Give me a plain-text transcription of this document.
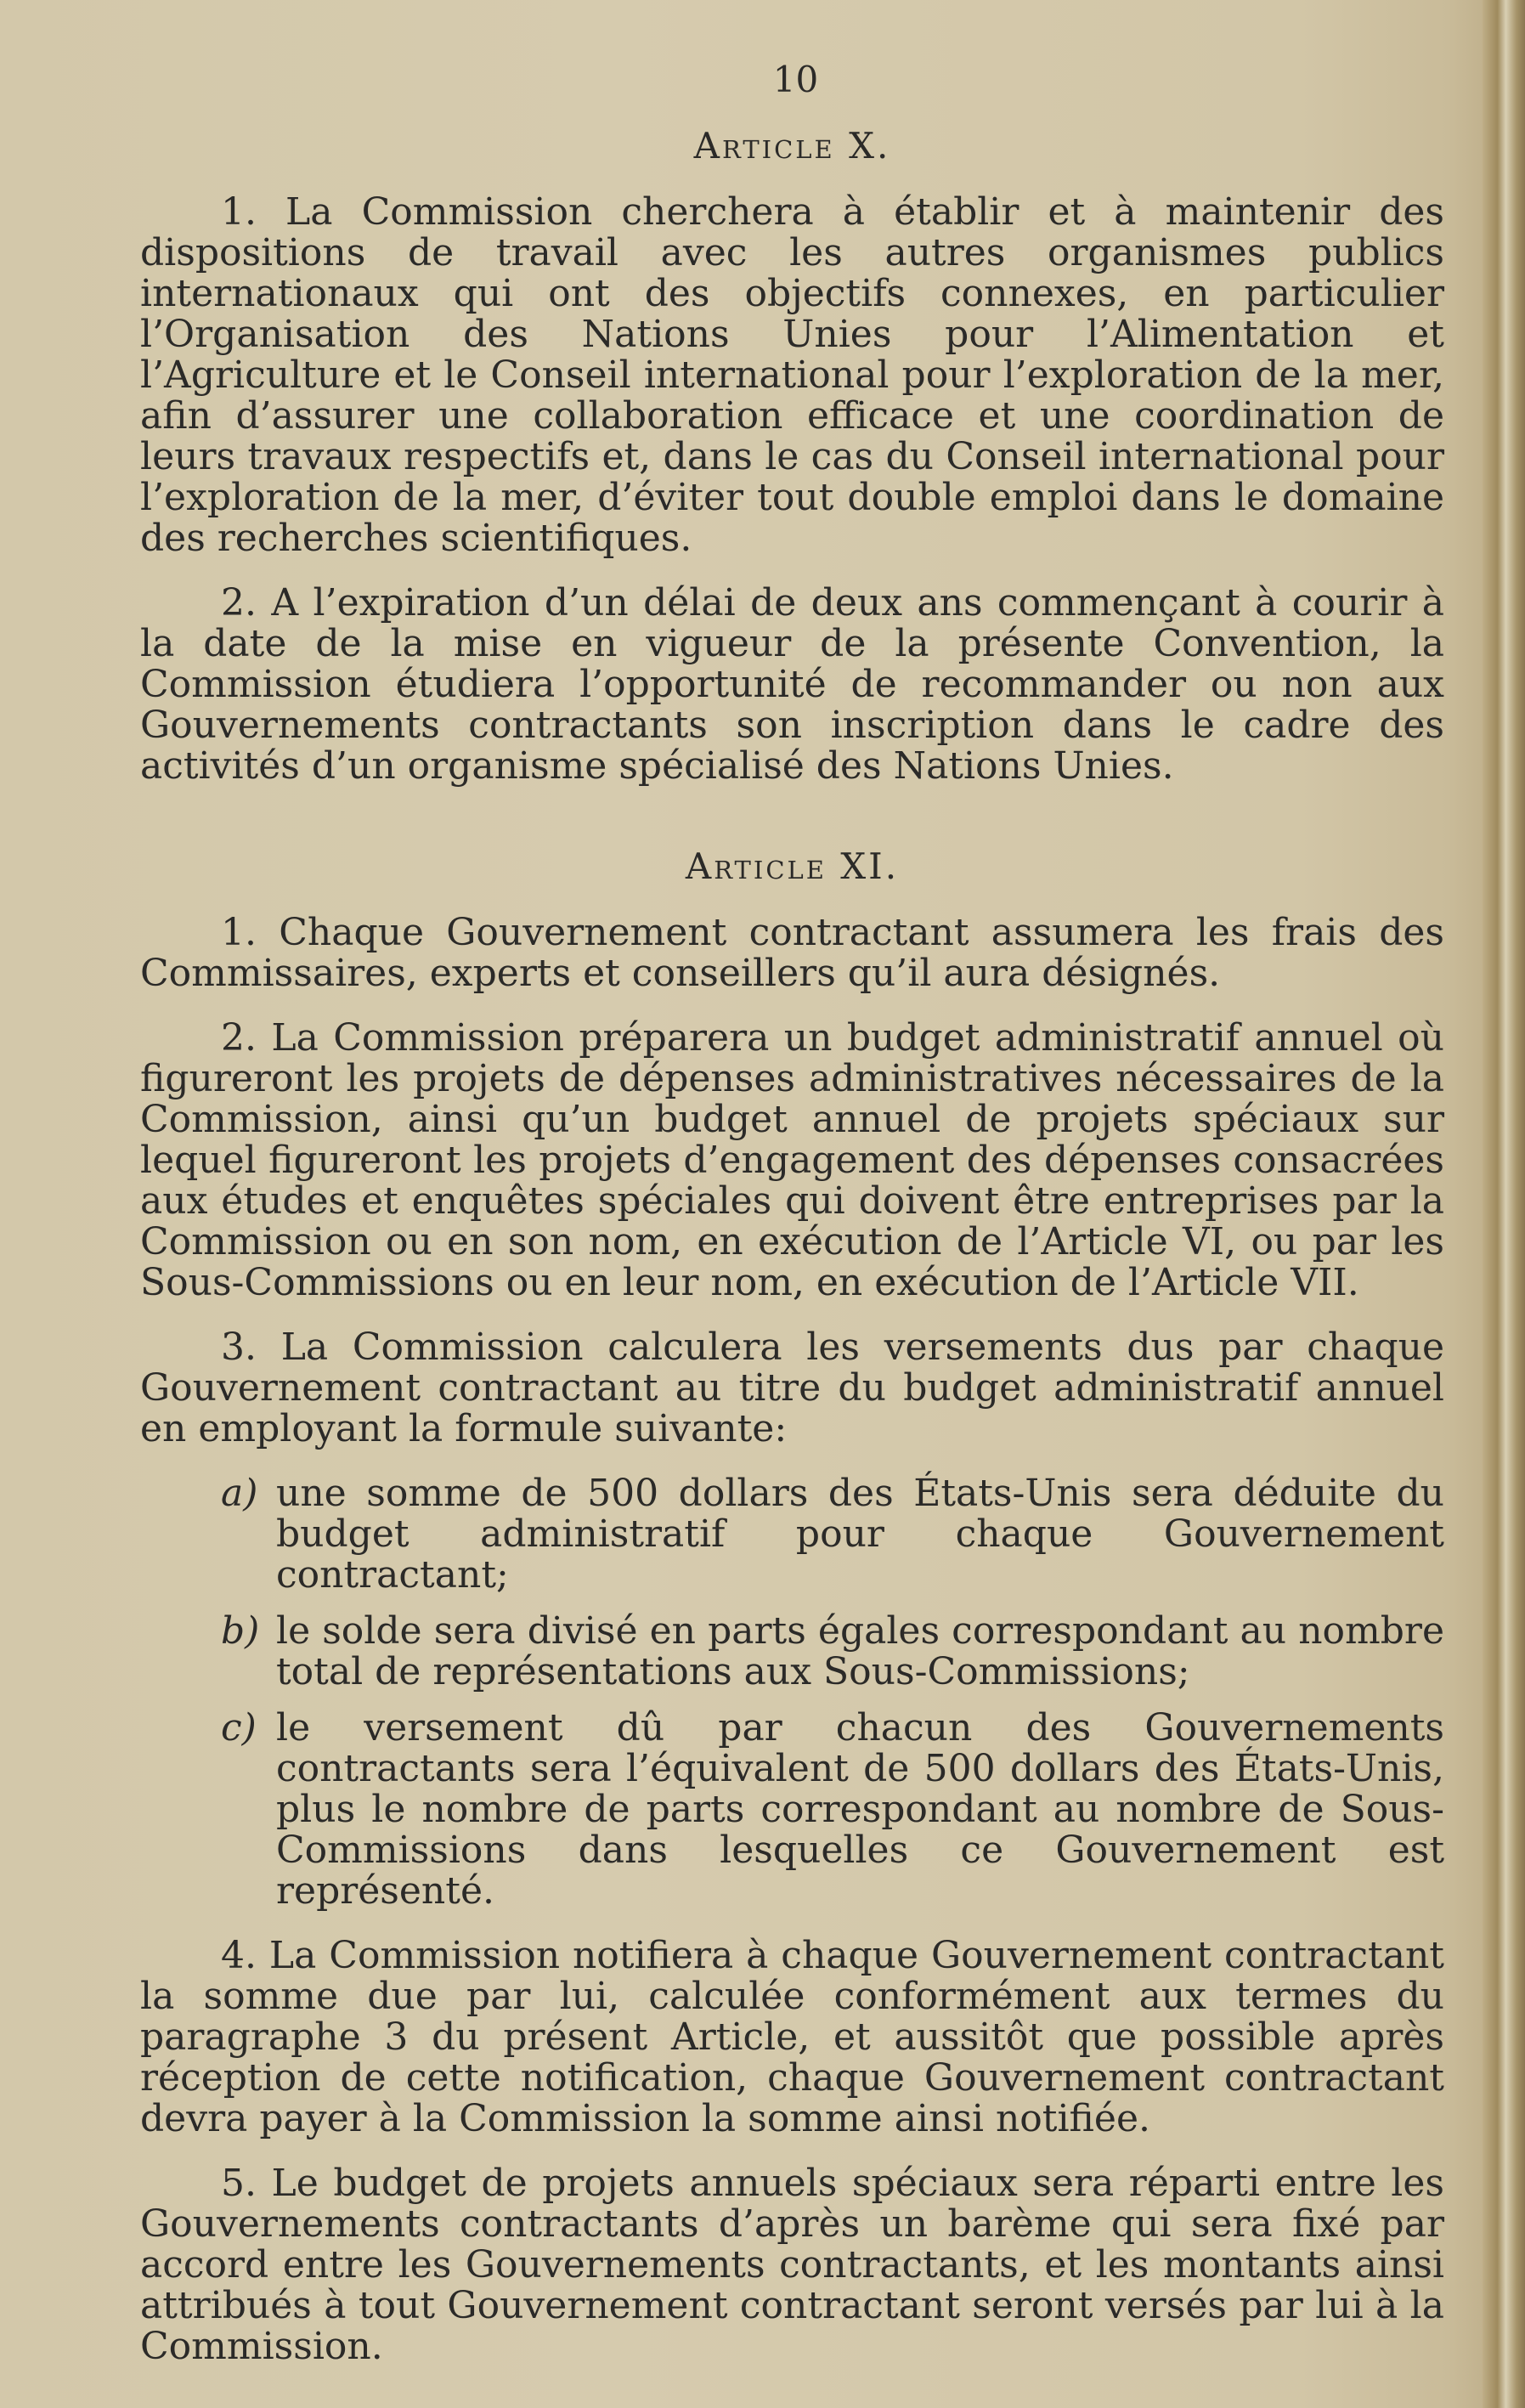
10
Article X.

1. La Commission cherchera à établir et à maintenir des dispositions de travail avec les autres organismes publics internationaux qui ont des objectifs connexes, en particulier l’Organisation des Nations Unies pour l’Alimentation et l’Agriculture et le Conseil international pour l’exploration de la mer, afin d’assurer une collaboration efficace et une coordination de leurs travaux respectifs et, dans le cas du Conseil international pour l’exploration de la mer, d’éviter tout double emploi dans le domaine des recherches scientifiques.

2. A l’expiration d’un délai de deux ans commençant à courir à la date de la mise en vigueur de la présente Convention, la Commission étudiera l’opportunité de recommander ou non aux Gouvernements contractants son inscription dans le cadre des activités d’un organisme spécialisé des Nations Unies.

Article XI.

1. Chaque Gouvernement contractant assumera les frais des Commissaires, experts et conseillers qu’il aura désignés.

2. La Commission préparera un budget administratif annuel où figureront les projets de dépenses administratives nécessaires de la Commission, ainsi qu’un budget annuel de projets spéciaux sur lequel figureront les projets d’engagement des dépenses consacrées aux études et enquêtes spéciales qui doivent être entreprises par la Commission ou en son nom, en exécution de l’Article VI, ou par les Sous-Commissions ou en leur nom, en exécution de l’Article VII.

3. La Commission calculera les versements dus par chaque Gouvernement contractant au titre du budget administratif annuel en employant la formule suivante:

a) une somme de 500 dollars des États-Unis sera déduite du budget administratif pour chaque Gouvernement contractant;
b) le solde sera divisé en parts égales correspondant au nombre total de représentations aux Sous-Commissions;
c) le versement dû par chacun des Gouvernements contractants sera l’équivalent de 500 dollars des États-Unis, plus le nombre de parts correspondant au nombre de Sous-Commissions dans lesquelles ce Gouvernement est représenté.

4. La Commission notifiera à chaque Gouvernement contractant la somme due par lui, calculée conformément aux termes du paragraphe 3 du présent Article, et aussitôt que possible après réception de cette notification, chaque Gouvernement contractant devra payer à la Commission la somme ainsi notifiée.

5. Le budget de projets annuels spéciaux sera réparti entre les Gouvernements contractants d’après un barème qui sera fixé par accord entre les Gouvernements contractants, et les montants ainsi attribués à tout Gouvernement contractant seront versés par lui à la Commission.
